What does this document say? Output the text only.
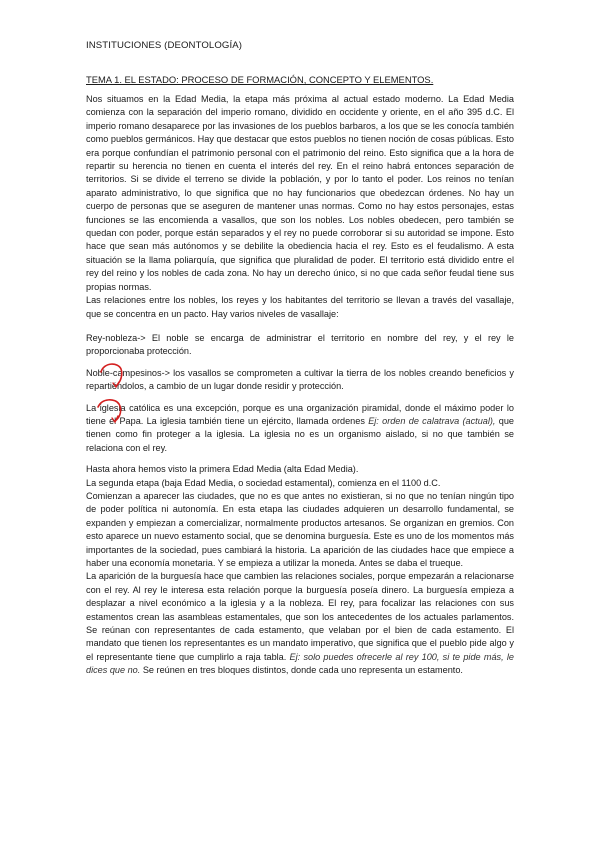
INSTITUCIONES (DEONTOLOGÍA)
TEMA 1. EL ESTADO: PROCESO DE FORMACIÓN, CONCEPTO Y ELEMENTOS.

Nos situamos en la Edad Media, la etapa más próxima al actual estado moderno. La Edad Media comienza con la separación del imperio romano, dividido en occidente y oriente, en el año 395 d.C. El imperio romano desaparece por las invasiones de los pueblos barbaros, a los que se les conocía también como pueblos germánicos. Hay que destacar que estos pueblos no tienen noción de cosas públicas. Esto era porque confundían el patrimonio personal con el patrimonio del reino. Esto significa que a la hora de repartir su herencia no tienen en cuenta el interés del rey. En el reino habrá entonces separación de territorios. Si se divide el terreno se divide la población, y por lo tanto el poder. Los reinos no tenían aparato administrativo, lo que significa que no hay funcionarios que obedezcan órdenes. No hay un cuerpo de personas que se aseguren de mantener unas normas. Como no hay estos personajes, estas funciones se las encomienda a vasallos, que son los nobles. Los nobles obedecen, pero también se quedan con poder, porque están separados y el rey no puede corroborar si su autoridad se impone. Esto hace que sean más autónomos y se debilite la obediencia hacia el rey. Esto es el feudalismo. A esta situación se la llama poliarquía, que significa que pluralidad de poder. El territorio está dividido entre el rey del reino y los nobles de cada zona. No hay un derecho único, si no que cada señor feudal tiene sus propias normas.

Las relaciones entre los nobles, los reyes y los habitantes del territorio se llevan a través del vasallaje, que se concentra en un pacto. Hay varios niveles de vasallaje:

Rey-nobleza-> El noble se encarga de administrar el territorio en nombre del rey, y el rey le proporcionaba protección.

Noble-campesinos-> los vasallos se comprometen a cultivar la tierra de los nobles creando beneficios y repartiéndolos, a cambio de un lugar donde residir y protección.

La iglesia católica es una excepción, porque es una organización piramidal, donde el máximo poder lo tiene el Papa. La iglesia también tiene un ejército, llamada ordenes Ej: orden de calatrava (actual), que tienen como fin proteger a la iglesia. La iglesia no es un organismo aislado, si no que también se relaciona con el rey.

Hasta ahora hemos visto la primera Edad Media (alta Edad Media).

La segunda etapa (baja Edad Media, o sociedad estamental), comienza en el 1100 d.C.

Comienzan a aparecer las ciudades, que no es que antes no existieran, si no que no tenían ningún tipo de poder política ni autonomía. En esta etapa las ciudades adquieren un desarrollo fundamental, se expanden y empiezan a comercializar, normalmente productos artesanos. Se organizan en gremios. Con esto aparece un nuevo estamento social, que se denomina burguesía. Este es uno de los momentos más importantes de la sociedad, pues cambiará la historia. La aparición de las ciudades hace que empiece a haber una economía monetaria. Y se empieza a utilizar la moneda. Antes se daba el trueque.

La aparición de la burguesía hace que cambien las relaciones sociales, porque empezarán a relacionarse con el rey. Al rey le interesa esta relación porque la burguesía poseía dinero. La burguesía empieza a desplazar a nivel económico a la iglesia y a la nobleza. El rey, para focalizar las relaciones con sus estamentos crean las asambleas estamentales, que son los antecedentes de los actuales parlamentos. Se reúnan con representantes de cada estamento, que velaban por el bien de cada estamento. El mandato que tienen los representantes es un mandato imperativo, que significa que el pueblo pide algo y el representante tiene que cumplirlo a raja tabla. Ej: solo puedes ofrecerle al rey 100, si te pide más, le dices que no. Se reúnen en tres bloques distintos, donde cada uno representa un estamento.
